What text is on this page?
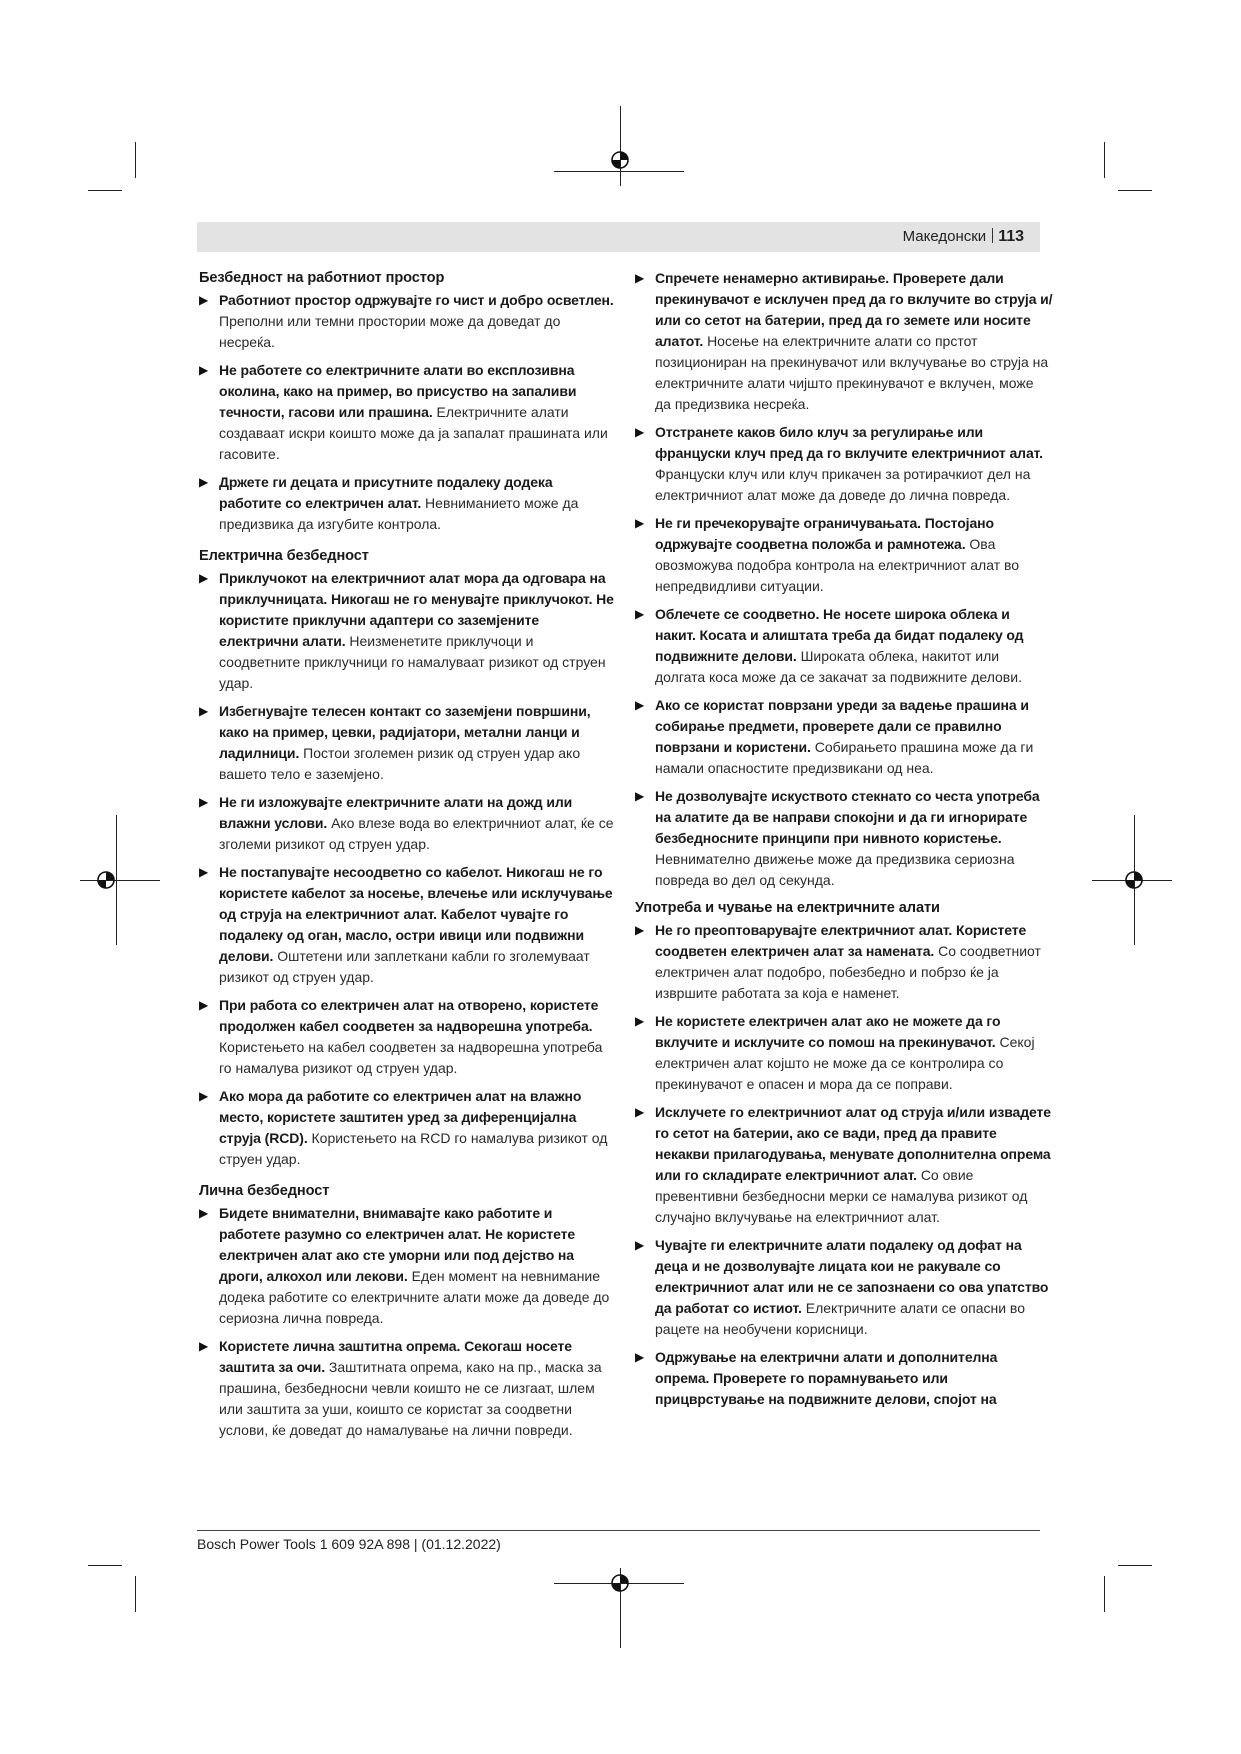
Македонски 113
Безбедност на работниот простор
▶ Работниот простор одржувајте го чист и добро осветлен. Преполни или темни простории може да доведат до несреќа.
▶ Не работете со електричните алати во експлозивна околина, како на пример, во присуство на запаливи течности, гасови или прашина. Електричните алати создаваат искри коишто може да ја запалат прашината или гасовите.
▶ Држете ги децата и присутните подалеку додека работите со електричен алат. Невниманието може да предизвика да изгубите контрола.
Електрична безбедност
▶ Приклучокот на електричниот алат мора да одговара на приклучницата. Никогаш не го менувајте приклучокот. Не користите приклучни адаптери со заземјените електрични алати. Неизменетите приклучоци и соодветните приклучници го намалуваат ризикот од струен удар.
▶ Избегнувајте телесен контакт со заземјени површини, како на пример, цевки, радијатори, метални ланци и ладилници. Постои зголемен ризик од струен удар ако вашето тело е заземјено.
▶ Не ги изложувајте електричните алати на дожд или влажни услови. Ако влезе вода во електричниот алат, ќе се зголеми ризикот од струен удар.
▶ Не постапувајте несоодветно со кабелот. Никогаш не го користете кабелот за носење, влечење или исклучување од струја на електричниот алат. Кабелот чувајте го подалеку од оган, масло, остри ивици или подвижни делови. Оштетени или заплеткани кабли го зголемуваат ризикот од струен удар.
▶ При работа со електричен алат на отворено, користете продолжен кабел соодветен за надворешна употреба. Користењето на кабел соодветен за надворешна употреба го намалува ризикот од струен удар.
▶ Ако мора да работите со електричен алат на влажно место, користете заштитен уред за диференцијална струја (RCD). Користењето на RCD го намалува ризикот од струен удар.
Лична безбедност
▶ Бидете внимателни, внимавајте како работите и работете разумно со електричен алат. Не користете електричен алат ако сте уморни или под дејство на дроги, алкохол или лекови. Еден момент на невнимание додека работите со електричните алати може да доведе до сериозна лична повреда.
▶ Користете лична заштитна опрема. Секогаш носете заштита за очи. Заштитната опрема, како на пр., маска за прашина, безбедносни чевли коишто не се лизгаат, шлем или заштита за уши, коишто се користат за соодветни услови, ќе доведат до намалување на лични повреди.
▶ Спречете ненамерно активирање. Проверете дали прекинувачот е исклучен пред да го вклучите во струја и/или со сетот на батерии, пред да го земете или носите алатот. Носење на електричните алати со прстот позициониран на прекинувачот или вклучување во струја на електричните алати чијшто прекинувачот е вклучен, може да предизвика несреќа.
▶ Отстранете каков било клуч за регулирање или француски клуч пред да го вклучите електричниот алат. Француски клуч или клуч прикачен за ротирачкиот дел на електричниот алат може да доведе до лична повреда.
▶ Не ги пречекорувајте ограничувањата. Постојано одржувајте соодветна положба и рамнотежа. Ова овозможува подобра контрола на електричниот алат во непредвидливи ситуации.
▶ Облечете се соодветно. Не носете широка облека и накит. Косата и алиштата треба да бидат подалеку од подвижните делови. Широката облека, накитот или долгата коса може да се закачат за подвижните делови.
▶ Ако се користат поврзани уреди за вадење прашина и собирање предмети, проверете дали се правилно поврзани и користени. Собирањето прашина може да ги намали опасностите предизвикани од неа.
▶ Не дозволувајте искуството стекнато со честа употреба на алатите да ве направи спокојни и да ги игнорирате безбедносните принципи при нивното користење. Невнимателно движење може да предизвика сериозна повреда во дел од секунда.
Употреба и чување на електричните алати
▶ Не го преоптоварувајте електричниот алат. Користете соодветен електричен алат за намената. Со соодветниот електричен алат подобро, побезбедно и побрзо ќе ја извршите работата за која е наменет.
▶ Не користете електричен алат ако не можете да го вклучите и исклучите со помош на прекинувачот. Секој електричен алат којшто не може да се контролира со прекинувачот е опасен и мора да се поправи.
▶ Исклучете го електричниот алат од струја и/или извадете го сетот на батерии, ако се вади, пред да правите некакви прилагодувања, менувате дополнителна опрема или го складирате електричниот алат. Со овие превентивни безбедносни мерки се намалува ризикот од случајно вклучување на електричниот алат.
▶ Чувајте ги електричните алати подалеку од дофат на деца и не дозволувајте лицата кои не ракувале со електричниот алат или не се запознаени со ова упатство да работат со истиот. Електричните алати се опасни во рацете на необучени корисници.
▶ Одржување на електрични алати и дополнителна опрема. Проверете го порамнувањето или прицврстување на подвижните делови, спојот на
Bosch Power Tools 1 609 92A 898 | (01.12.2022)
